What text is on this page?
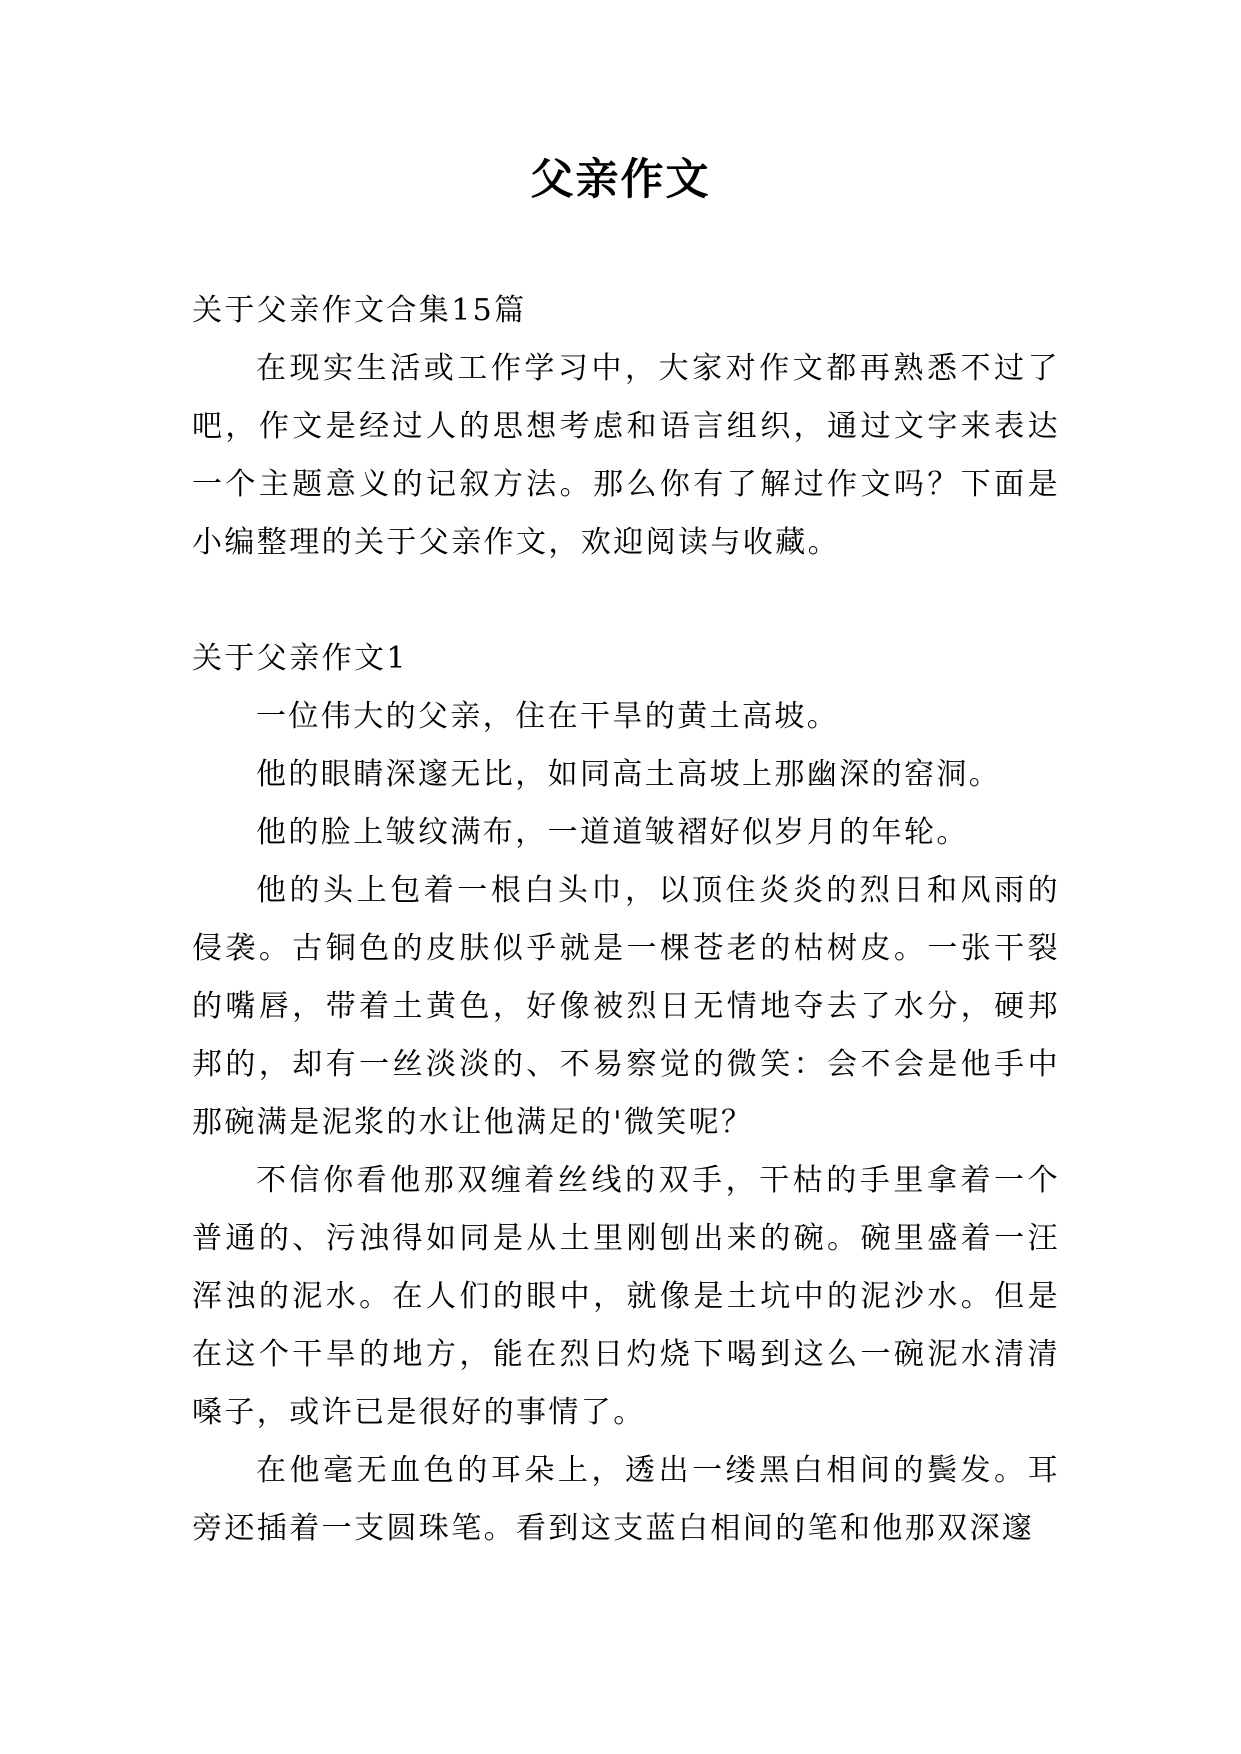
父亲作文

关于父亲作文合集15篇

在现实生活或工作学习中，大家对作文都再熟悉不过了吧，作文是经过人的思想考虑和语言组织，通过文字来表达一个主题意义的记叙方法。那么你有了解过作文吗？下面是小编整理的关于父亲作文，欢迎阅读与收藏。

关于父亲作文1

一位伟大的父亲，住在干旱的黄土高坡。

他的眼睛深邃无比，如同高土高坡上那幽深的窑洞。

他的脸上皱纹满布，一道道皱褶好似岁月的年轮。

他的头上包着一根白头巾，以顶住炎炎的烈日和风雨的侵袭。古铜色的皮肤似乎就是一棵苍老的枯树皮。一张干裂的嘴唇，带着土黄色，好像被烈日无情地夺去了水分，硬邦邦的，却有一丝淡淡的、不易察觉的微笑：会不会是他手中那碗满是泥浆的水让他满足的'微笑呢？

不信你看他那双缠着丝线的双手，干枯的手里拿着一个普通的、污浊得如同是从土里刚刨出来的碗。碗里盛着一汪浑浊的泥水。在人们的眼中，就像是土坑中的泥沙水。但是在这个干旱的地方，能在烈日灼烧下喝到这么一碗泥水清清嗓子，或许已是很好的事情了。

在他毫无血色的耳朵上，透出一缕黑白相间的鬓发。耳旁还插着一支圆珠笔。看到这支蓝白相间的笔和他那双深邃
